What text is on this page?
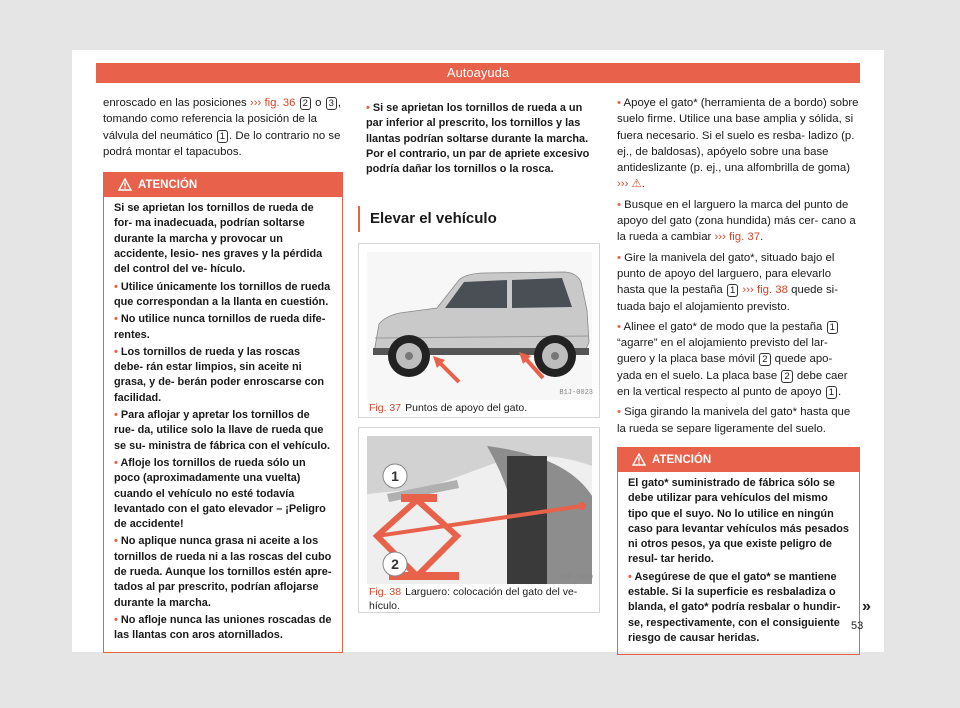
Autoayuda

enroscado en las posiciones ››› fig. 36 2 o 3 , tomando como referencia la posición de la válvula del neumático 1 . De lo contrario no se podrá montar el tapacubos.

ATENCIÓN

Si se aprietan los tornillos de rueda de for- ma inadecuada, podrían soltarse durante la marcha y provocar un accidente, lesio- nes graves y la pérdida del control del ve- hículo.

• Utilice únicamente los tornillos de rueda que correspondan a la llanta en cuestión.

• No utilice nunca tornillos de rueda dife- rentes.

• Los tornillos de rueda y las roscas debe- rán estar limpios, sin aceite ni grasa, y de- berán poder enroscarse con facilidad.

• Para aflojar y apretar los tornillos de rue- da, utilice solo la llave de rueda que se su- ministra de fábrica con el vehículo.

• Afloje los tornillos de rueda sólo un poco (aproximadamente una vuelta) cuando el vehículo no esté todavía levantado con el gato elevador – ¡Peligro de accidente!

• No aplique nunca grasa ni aceite a los tornillos de rueda ni a las roscas del cubo de rueda. Aunque los tornillos estén apre- tados al par prescrito, podrían aflojarse durante la marcha.

• No afloje nunca las uniones roscadas de las llantas con aros atornillados.

• Si se aprietan los tornillos de rueda a un par inferior al prescrito, los tornillos y las llantas podrían soltarse durante la marcha. Por el contrario, un par de apriete excesivo podría dañar los tornillos o la rosca.

Elevar el vehículo
B1J-0023
Fig. 37 Puntos de apoyo del gato.
1
2
B5F-1030
Fig. 38 Larguero: colocación del gato del ve- hículo.

• Apoye el gato* (herramienta de a bordo) sobre suelo firme. Utilice una base amplia y sólida, si fuera necesario. Si el suelo es resba- ladizo (p. ej., de baldosas), apóyelo sobre una base antideslizante (p. ej., una alfombrilla de goma) ››› ⚠.

• Busque en el larguero la marca del punto de apoyo del gato (zona hundida) más cer- cano a la rueda a cambiar ››› fig. 37.

• Gire la manivela del gato*, situado bajo el punto de apoyo del larguero, para elevarlo hasta que la pestaña 1 ››› fig. 38 quede si- tuada bajo el alojamiento previsto.

• Alinee el gato* de modo que la pestaña 1 “agarre” en el alojamiento previsto del lar- guero y la placa base móvil 2 quede apo- yada en el suelo. La placa base 2 debe caer en la vertical respecto al punto de apoyo 1 .

• Siga girando la manivela del gato* hasta que la rueda se separe ligeramente del suelo.

ATENCIÓN

El gato* suministrado de fábrica sólo se debe utilizar para vehículos del mismo tipo que el suyo. No lo utilice en ningún caso para levantar vehículos más pesados ni otros pesos, ya que existe peligro de resul- tar herido.

• Asegúrese de que el gato* se mantiene estable. Si la superficie es resbaladiza o blanda, el gato* podría resbalar o hundir- se, respectivamente, con el consiguiente riesgo de causar heridas.

»
53
